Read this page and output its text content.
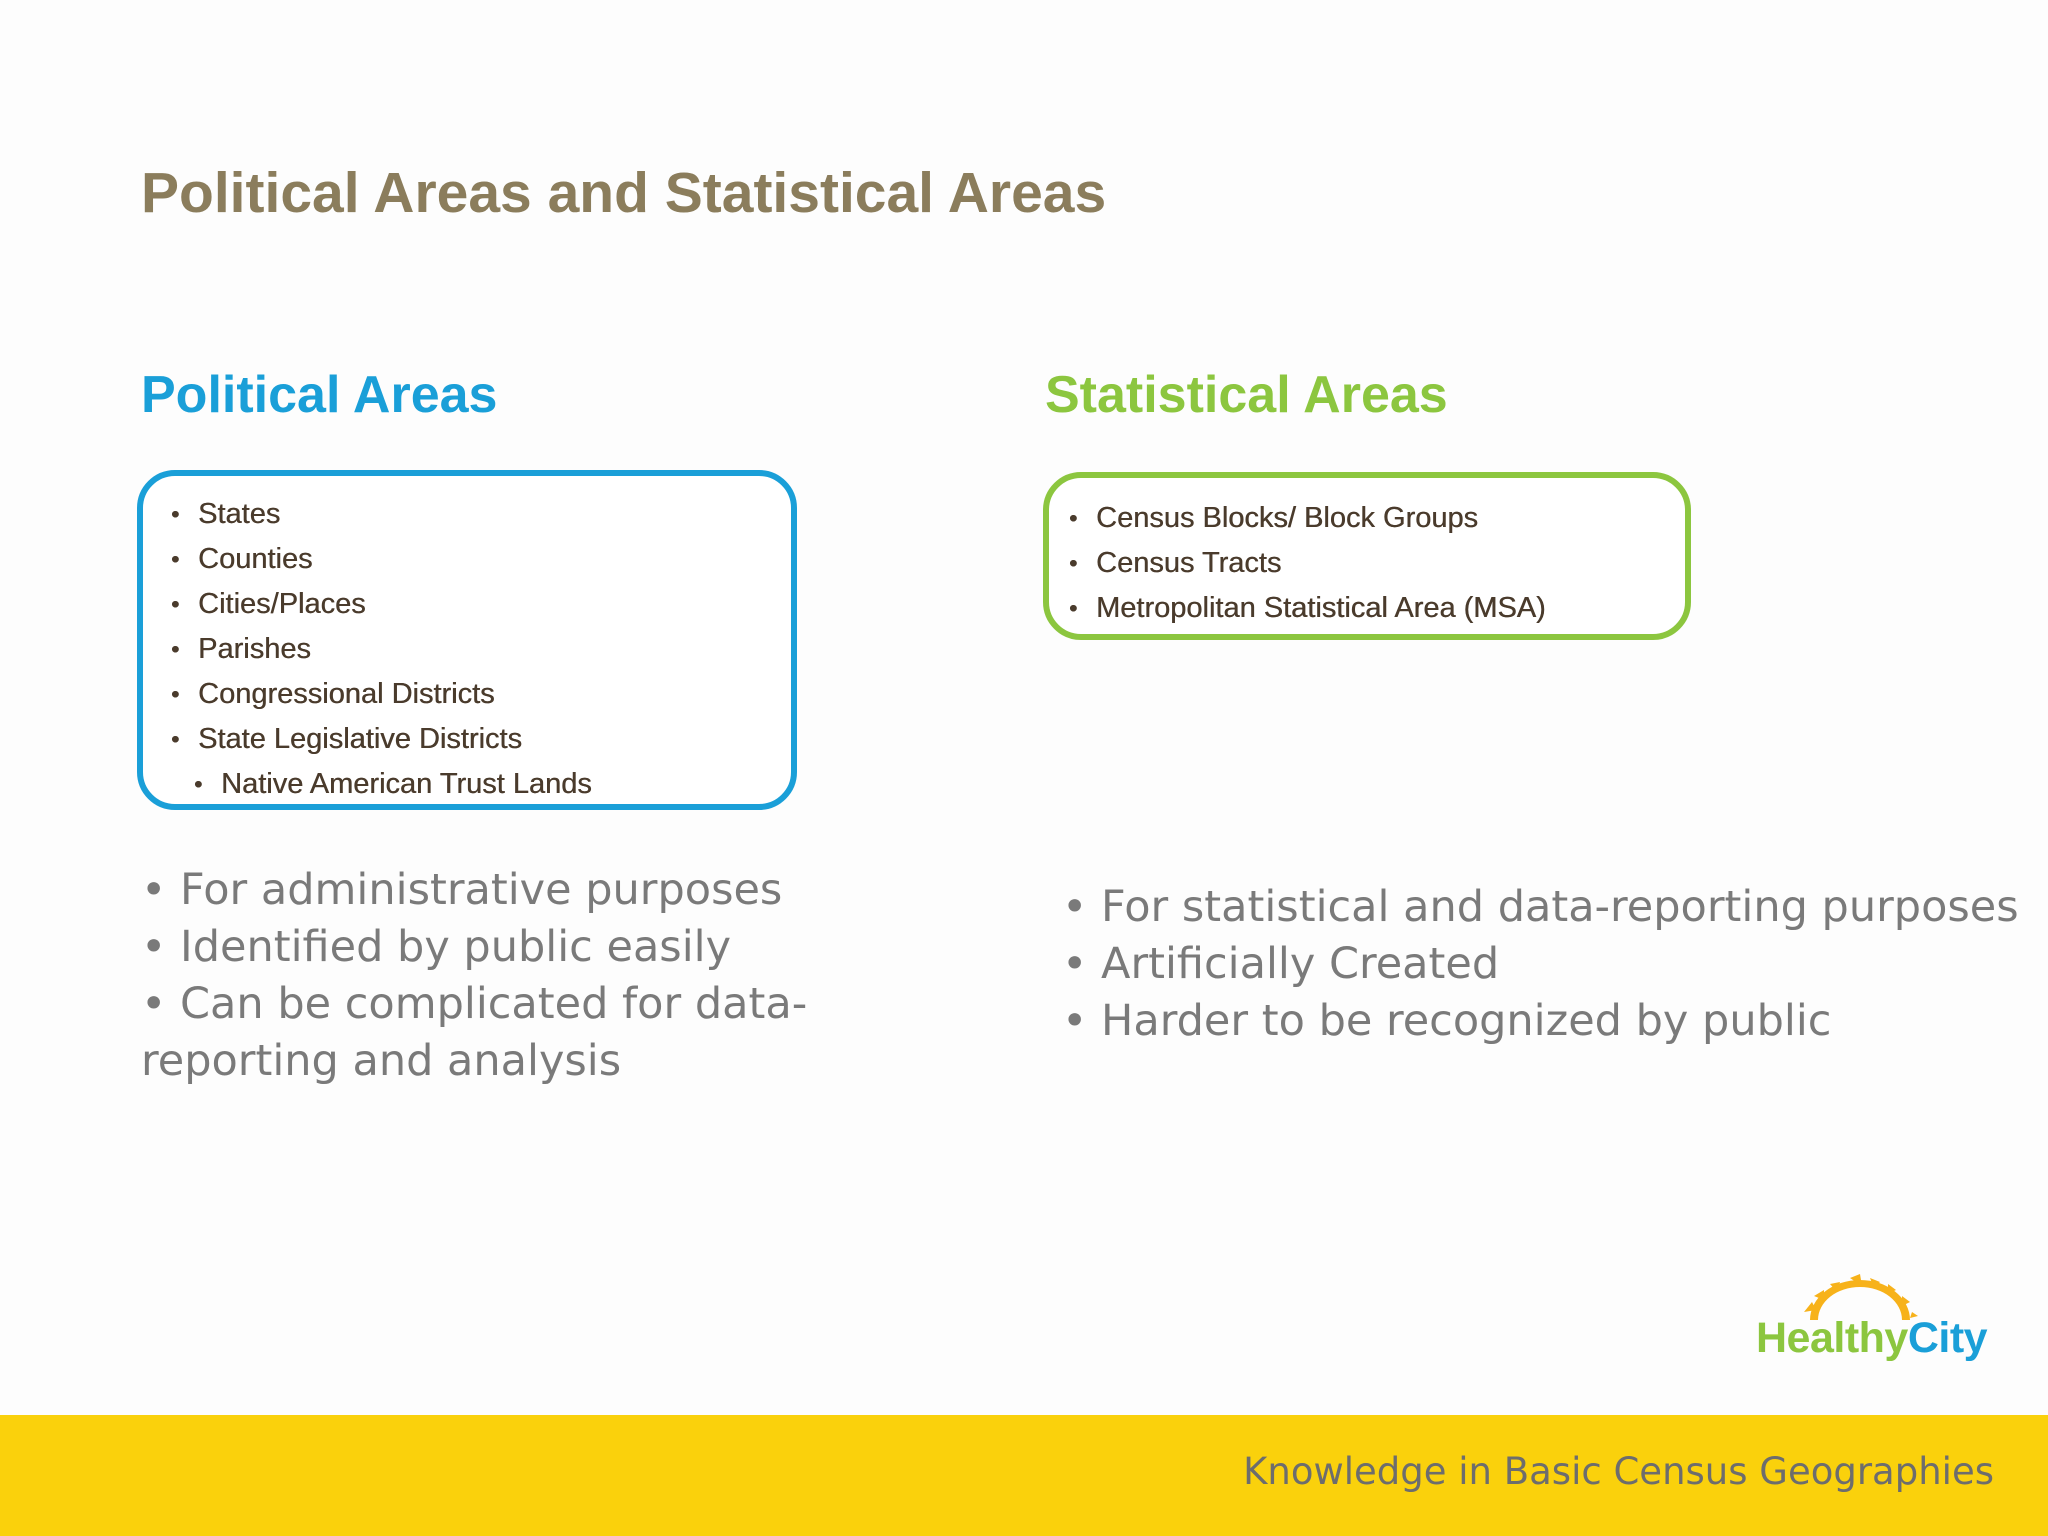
Political Areas and Statistical Areas
Political Areas	Statistical Areas
• States
• Counties
• Cities/Places
• Parishes
• Congressional Districts
• State Legislative Districts
• Native American Trust Lands
• Census Blocks/ Block Groups
• Census Tracts
• Metropolitan Statistical Area (MSA)
• For administrative purposes
• Identified by public easily
• Can be complicated for data-reporting and analysis
• For statistical and data-reporting purposes
• Artificially Created
• Harder to be recognized by public
HealthyCity
Knowledge in Basic Census Geographies
